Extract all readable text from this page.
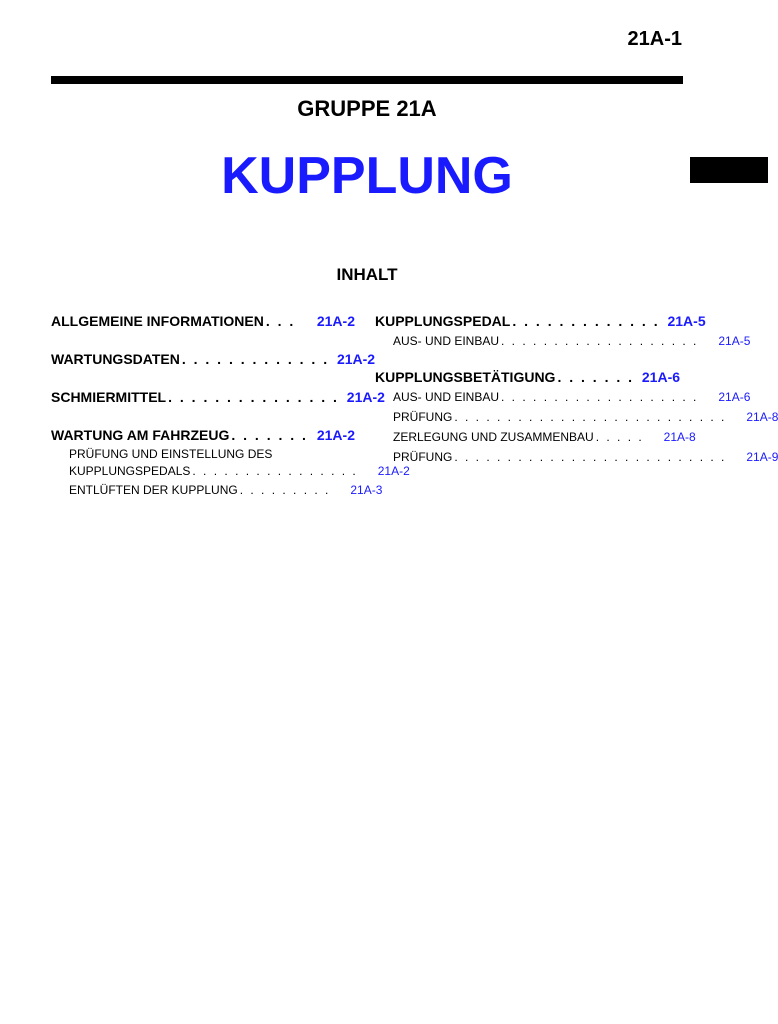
21A-1
GRUPPE 21A
KUPPLUNG
INHALT
ALLGEMEINE INFORMATIONEN . . .	21A-2
WARTUNGSDATEN . . . . . . . . . . . . . 21A-2
SCHMIERMITTEL . . . . . . . . . . . . . . . 21A-2
WARTUNG AM FAHRZEUG . . . . . . . 21A-2
PRÜFUNG UND EINSTELLUNG DES
KUPPLUNGSPEDALS . . . . . . . . . . . . . . . .	21A-2
ENTLÜFTEN DER KUPPLUNG . . . . . . . . .	21A-3
KUPPLUNGSPEDAL . . . . . . . . . . . . . 21A-5
AUS- UND EINBAU . . . . . . . . . . . . . . . . . . .	21A-5
KUPPLUNGSBETÄTIGUNG . . . . . . . 21A-6
AUS- UND EINBAU . . . . . . . . . . . . . . . . . . .	21A-6
PRÜFUNG . . . . . . . . . . . . . . . . . . . . . . . . . .	21A-8
ZERLEGUNG UND ZUSAMMENBAU . . . . .	21A-8
PRÜFUNG . . . . . . . . . . . . . . . . . . . . . . . . . .	21A-9
